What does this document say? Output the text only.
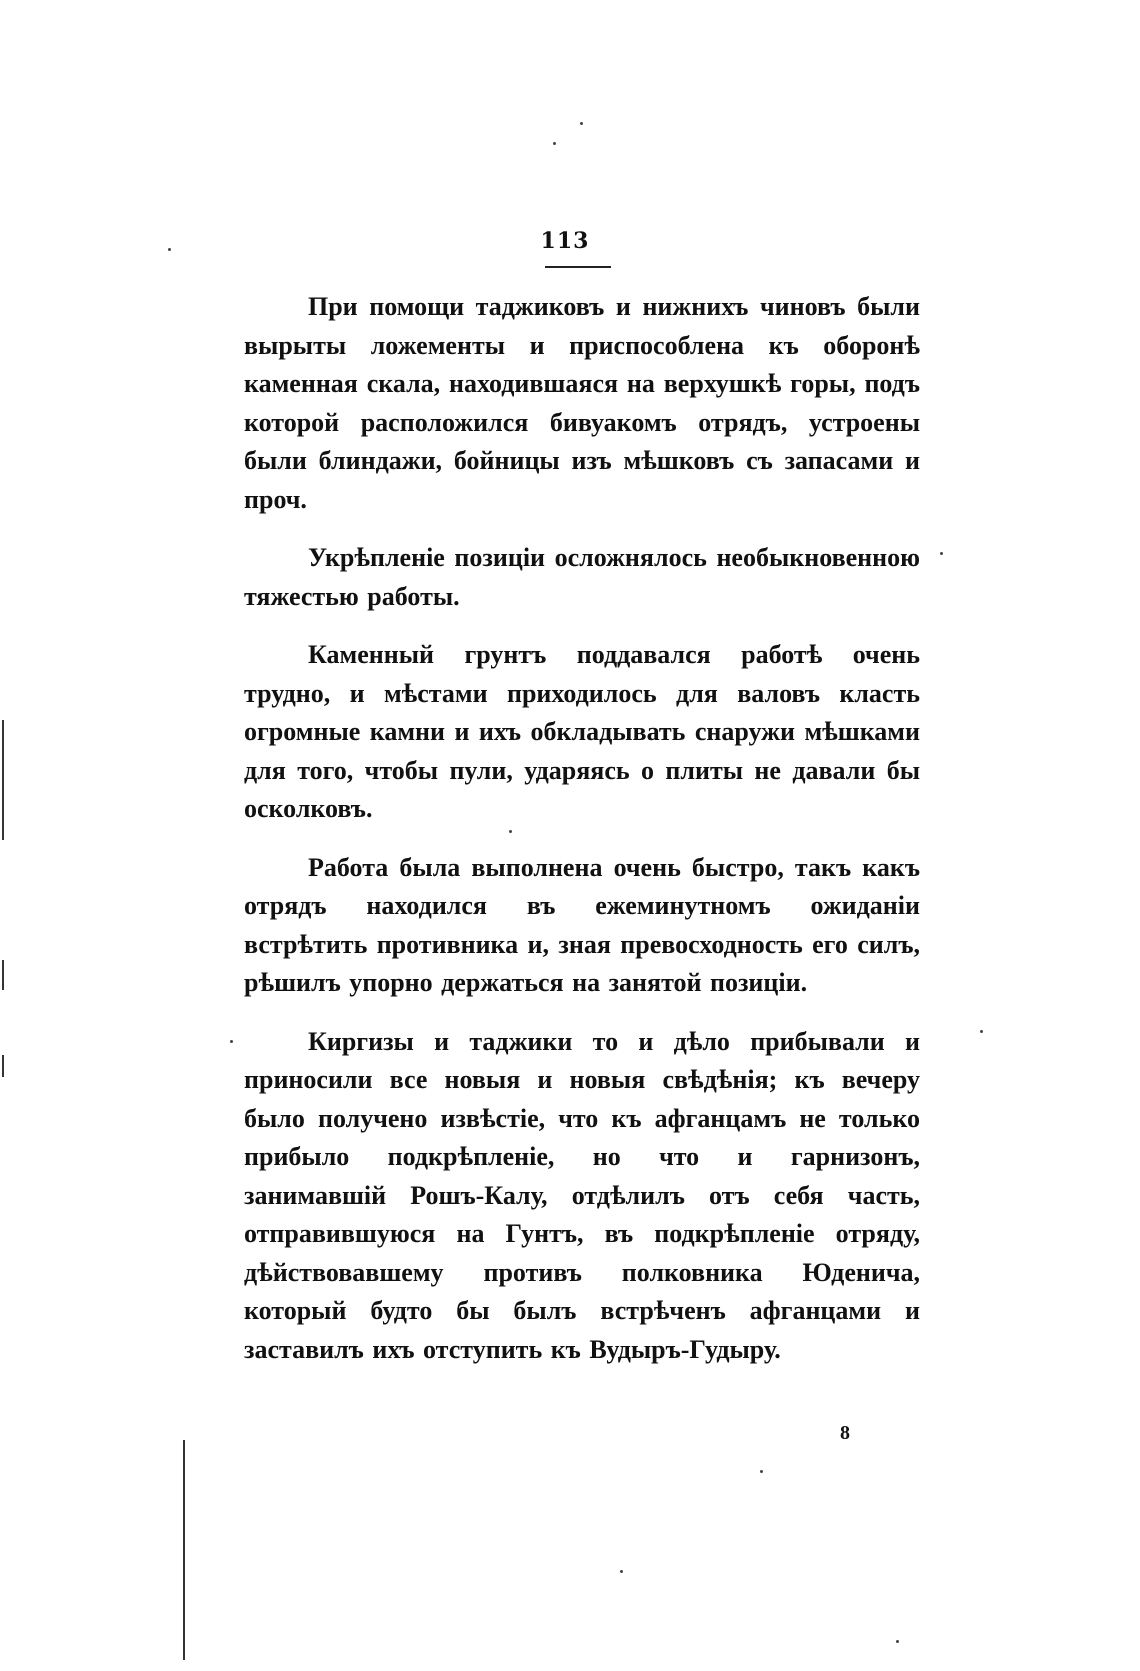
113

При помощи таджиковъ и нижнихъ чиновъ были вырыты ложементы и приспособлена къ оборонѣ каменная скала, находившаяся на верхушкѣ горы, подъ которой расположился бивуакомъ отрядъ, устроены были блиндажи, бойницы изъ мѣшковъ съ запасами и проч.

Укрѣпленіе позиціи осложнялось необыкновенною тяжестью работы.

Каменный грунтъ поддавался работѣ очень трудно, и мѣстами приходилось для валовъ класть огромные камни и ихъ обкладывать снаружи мѣшками для того, чтобы пули, ударяясь о плиты не давали бы осколковъ.

Работа была выполнена очень быстро, такъ какъ отрядъ находился въ ежеминутномъ ожиданіи встрѣтить противника и, зная превосходность его силъ, рѣшилъ упорно держаться на занятой позиціи.

Киргизы и таджики то и дѣло прибывали и приносили все новыя и новыя свѣдѣнія; къ вечеру было получено извѣстіе, что къ афганцамъ не только прибыло подкрѣпленіе, но что и гарнизонъ, занимавшій Рошъ-Калу, отдѣлилъ отъ себя часть, отправившуюся на Гунтъ, въ подкрѣпленіе отряду, дѣйствовавшему противъ полковника Юденича, который будто бы былъ встрѣченъ афганцами и заставилъ ихъ отступить къ Вудыръ-Гудыру.

8
